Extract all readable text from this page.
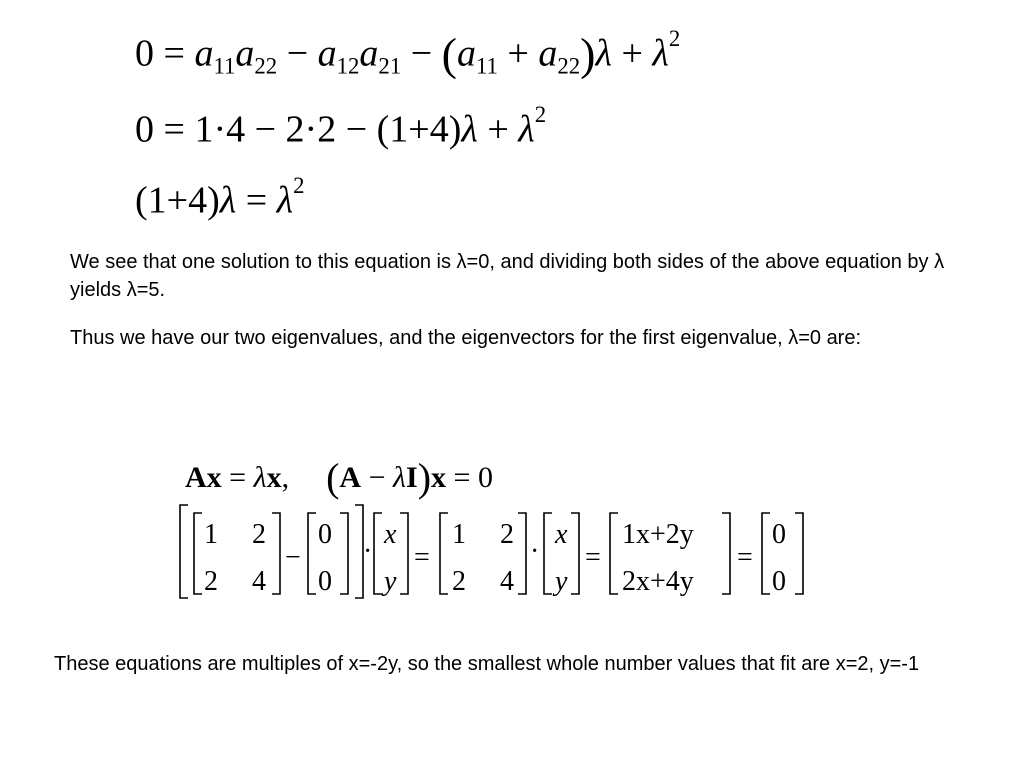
$0 = a_{11}a_{22} - a_{12}a_{21} - (a_{11} + a_{22})\lambda + \lambda^2$
$0 = 1\cdot 4 - 2\cdot 2 - (1+4)\lambda + \lambda^2$
$(1+4)\lambda = \lambda^2$
We see that one solution to this equation is λ=0, and dividing both sides of the above equation by λ yields λ=5.
Thus we have our two eigenvalues, and the eigenvectors for the first eigenvalue, λ=0 are:
Ax = λx, (A − λI)x = 0
1 2
2 4
−
0
0
·
x
y
=
1 2
2 4
·
x
y
=
1x+2y
2x+4y
=
0
0
These equations are multiples of x=-2y, so the smallest whole number values that fit are x=2, y=-1
